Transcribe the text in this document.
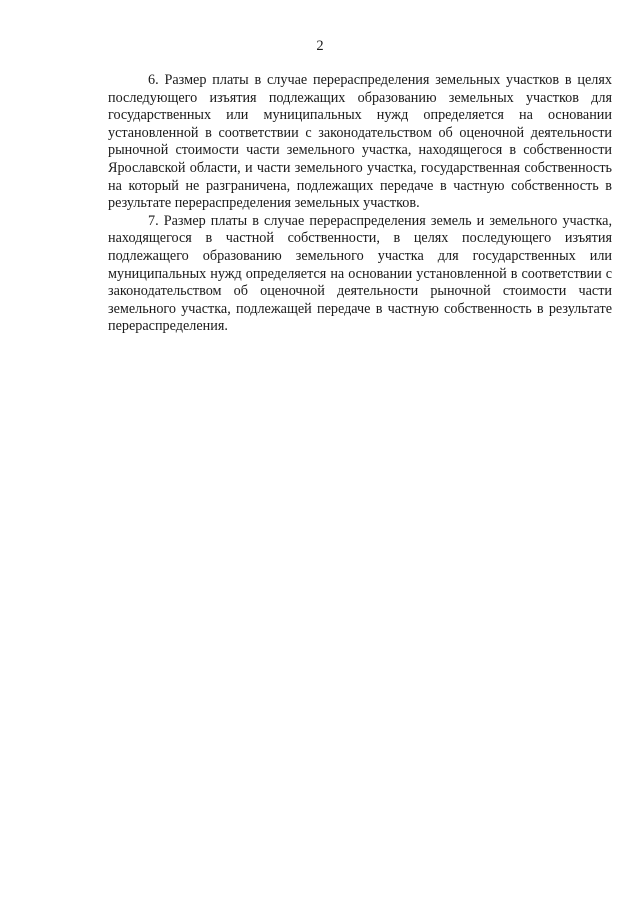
2

6. Размер платы в случае перераспределения земельных участков в целях последующего изъятия подлежащих образованию земельных участков для государственных или муниципальных нужд определяется на основании установленной в соответствии с законодательством об оценочной деятельности рыночной стоимости части земельного участка, находящегося в собственности Ярославской области, и части земельного участка, государственная собственность на который не разграничена, подлежащих передаче в частную собственность в результате перераспределения земельных участков.

7. Размер платы в случае перераспределения земель и земельного участка, находящегося в частной собственности, в целях последующего изъятия подлежащего образованию земельного участка для государственных или муниципальных нужд определяется на основании установленной в соответствии с законодательством об оценочной деятельности рыночной стоимости части земельного участка, подлежащей передаче в частную собственность в результате перераспределения.
